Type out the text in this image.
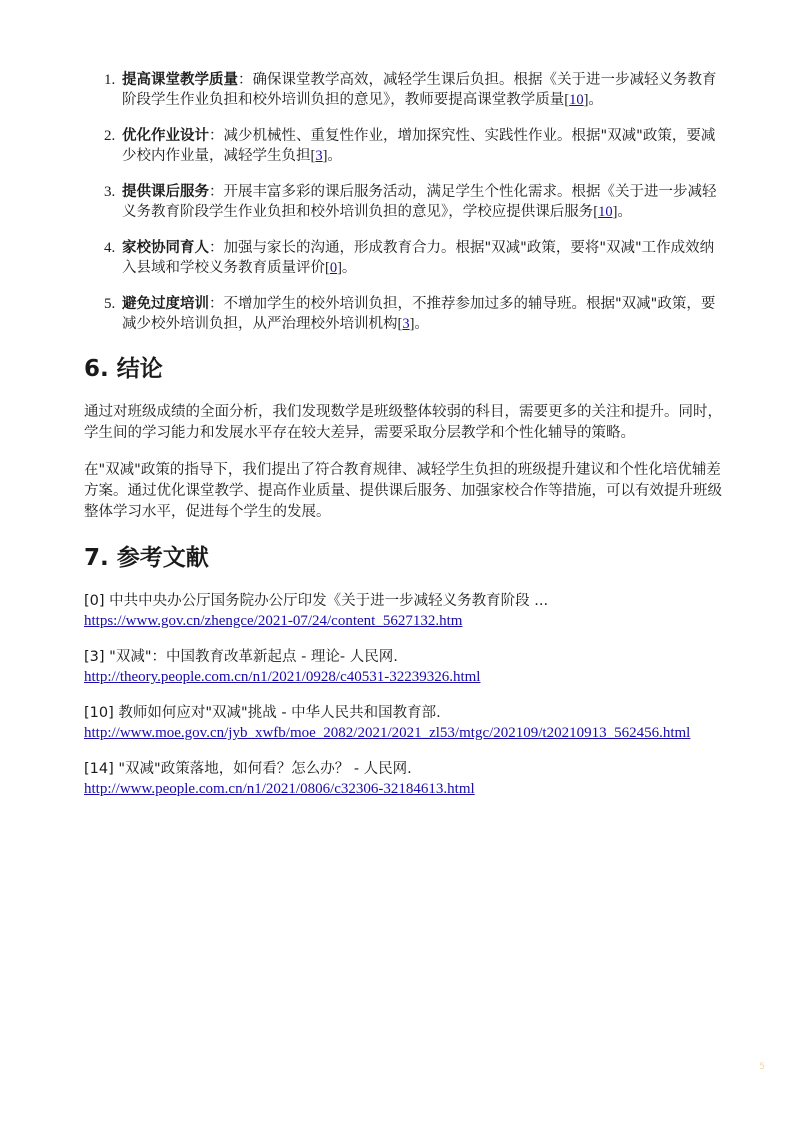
1. 提高课堂教学质量：确保课堂教学高效，减轻学生课后负担。根据《关于进一步减轻义务教育阶段学生作业负担和校外培训负担的意见》，教师要提高课堂教学质量[10]。
2. 优化作业设计：减少机械性、重复性作业，增加探究性、实践性作业。根据"双减"政策，要减少校内作业量，减轻学生负担[3]。
3. 提供课后服务：开展丰富多彩的课后服务活动，满足学生个性化需求。根据《关于进一步减轻义务教育阶段学生作业负担和校外培训负担的意见》，学校应提供课后服务[10]。
4. 家校协同育人：加强与家长的沟通，形成教育合力。根据"双减"政策，要将"双减"工作成效纳入县域和学校义务教育质量评价[0]。
5. 避免过度培训：不增加学生的校外培训负担，不推荐参加过多的辅导班。根据"双减"政策，要减少校外培训负担，从严治理校外培训机构[3]。
6. 结论

通过对班级成绩的全面分析，我们发现数学是班级整体较弱的科目，需要更多的关注和提升。同时，学生间的学习能力和发展水平存在较大差异，需要采取分层教学和个性化辅导的策略。

在"双减"政策的指导下，我们提出了符合教育规律、减轻学生负担的班级提升建议和个性化培优辅差方案。通过优化课堂教学、提高作业质量、提供课后服务、加强家校合作等措施，可以有效提升班级整体学习水平，促进每个学生的发展。

7. 参考文献
[0] 中共中央办公厅国务院办公厅印发《关于进一步减轻义务教育阶段 ...
https://www.gov.cn/zhengce/2021-07/24/content_5627132.htm
[3] "双减"：中国教育改革新起点 - 理论- 人民网.
http://theory.people.com.cn/n1/2021/0928/c40531-32239326.html
[10] 教师如何应对"双减"挑战 - 中华人民共和国教育部.
http://www.moe.gov.cn/jyb_xwfb/moe_2082/2021/2021_zl53/mtgc/202109/t20210913_562456.html
[14] "双减"政策落地，如何看？怎么办？ - 人民网.
http://www.people.com.cn/n1/2021/0806/c32306-32184613.html
5
